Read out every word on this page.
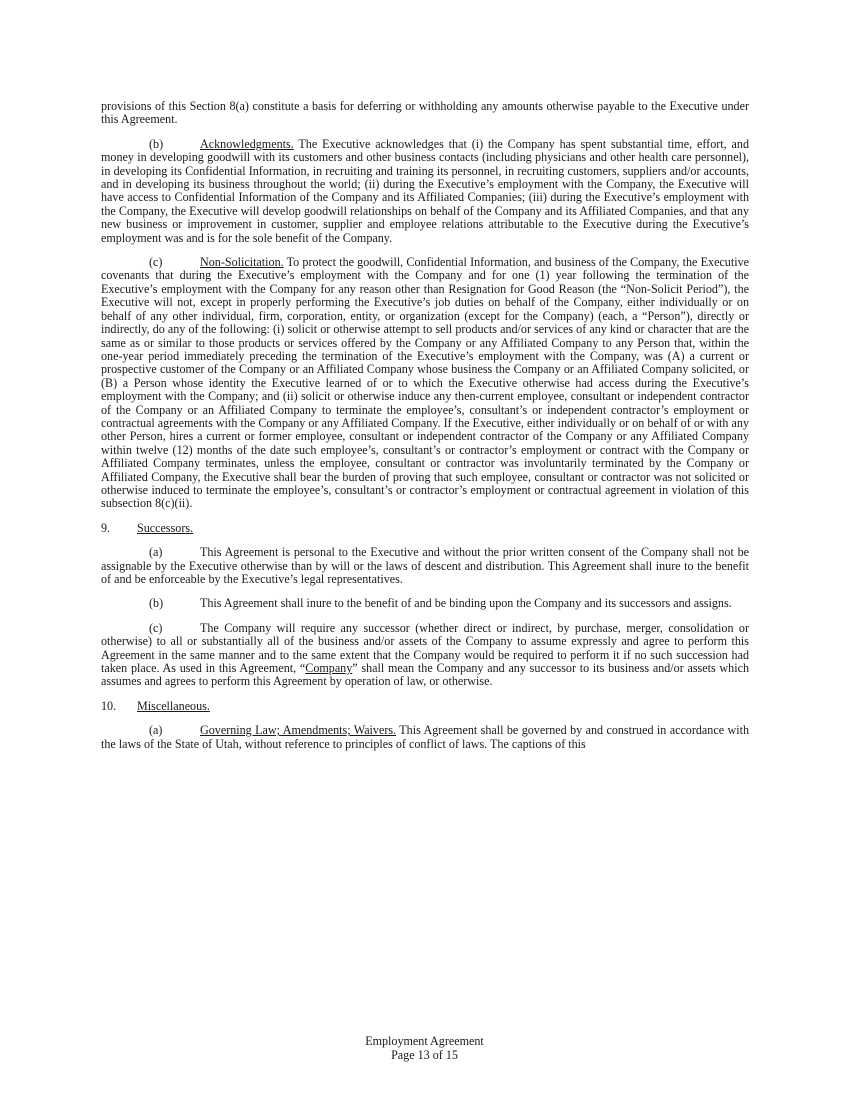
provisions of this Section 8(a) constitute a basis for deferring or withholding any amounts otherwise payable to the Executive under this Agreement.

(b)	Acknowledgments. The Executive acknowledges that (i) the Company has spent substantial time, effort, and money in developing goodwill with its customers and other business contacts (including physicians and other health care personnel), in developing its Confidential Information, in recruiting and training its personnel, in recruiting customers, suppliers and/or accounts, and in developing its business throughout the world; (ii) during the Executive’s employment with the Company, the Executive will have access to Confidential Information of the Company and its Affiliated Companies; (iii) during the Executive’s employment with the Company, the Executive will develop goodwill relationships on behalf of the Company and its Affiliated Companies, and that any new business or improvement in customer, supplier and employee relations attributable to the Executive during the Executive’s employment was and is for the sole benefit of the Company.

(c)	Non-Solicitation. To protect the goodwill, Confidential Information, and business of the Company, the Executive covenants that during the Executive’s employment with the Company and for one (1) year following the termination of the Executive’s employment with the Company for any reason other than Resignation for Good Reason (the “Non-Solicit Period”), the Executive will not, except in properly performing the Executive’s job duties on behalf of the Company, either individually or on behalf of any other individual, firm, corporation, entity, or organization (except for the Company) (each, a “Person”), directly or indirectly, do any of the following: (i) solicit or otherwise attempt to sell products and/or services of any kind or character that are the same as or similar to those products or services offered by the Company or any Affiliated Company to any Person that, within the one-year period immediately preceding the termination of the Executive’s employment with the Company, was (A) a current or prospective customer of the Company or an Affiliated Company whose business the Company or an Affiliated Company solicited, or (B) a Person whose identity the Executive learned of or to which the Executive otherwise had access during the Executive’s employment with the Company; and (ii) solicit or otherwise induce any then-current employee, consultant or independent contractor of the Company or an Affiliated Company to terminate the employee’s, consultant’s or independent contractor’s employment or contractual agreements with the Company or any Affiliated Company. If the Executive, either individually or on behalf of or with any other Person, hires a current or former employee, consultant or independent contractor of the Company or any Affiliated Company within twelve (12) months of the date such employee’s, consultant’s or contractor’s employment or contract with the Company or Affiliated Company terminates, unless the employee, consultant or contractor was involuntarily terminated by the Company or Affiliated Company, the Executive shall bear the burden of proving that such employee, consultant or contractor was not solicited or otherwise induced to terminate the employee’s, consultant’s or contractor’s employment or contractual agreement in violation of this subsection 8(c)(ii).

9. Successors.

(a)	This Agreement is personal to the Executive and without the prior written consent of the Company shall not be assignable by the Executive otherwise than by will or the laws of descent and distribution. This Agreement shall inure to the benefit of and be enforceable by the Executive’s legal representatives.

(b)	This Agreement shall inure to the benefit of and be binding upon the Company and its successors and assigns.

(c)	The Company will require any successor (whether direct or indirect, by purchase, merger, consolidation or otherwise) to all or substantially all of the business and/or assets of the Company to assume expressly and agree to perform this Agreement in the same manner and to the same extent that the Company would be required to perform it if no such succession had taken place. As used in this Agreement, “Company” shall mean the Company and any successor to its business and/or assets which assumes and agrees to perform this Agreement by operation of law, or otherwise.

10. Miscellaneous.

(a)	Governing Law; Amendments; Waivers. This Agreement shall be governed by and construed in accordance with the laws of the State of Utah, without reference to principles of conflict of laws. The captions of this

Employment Agreement
Page 13 of 15
